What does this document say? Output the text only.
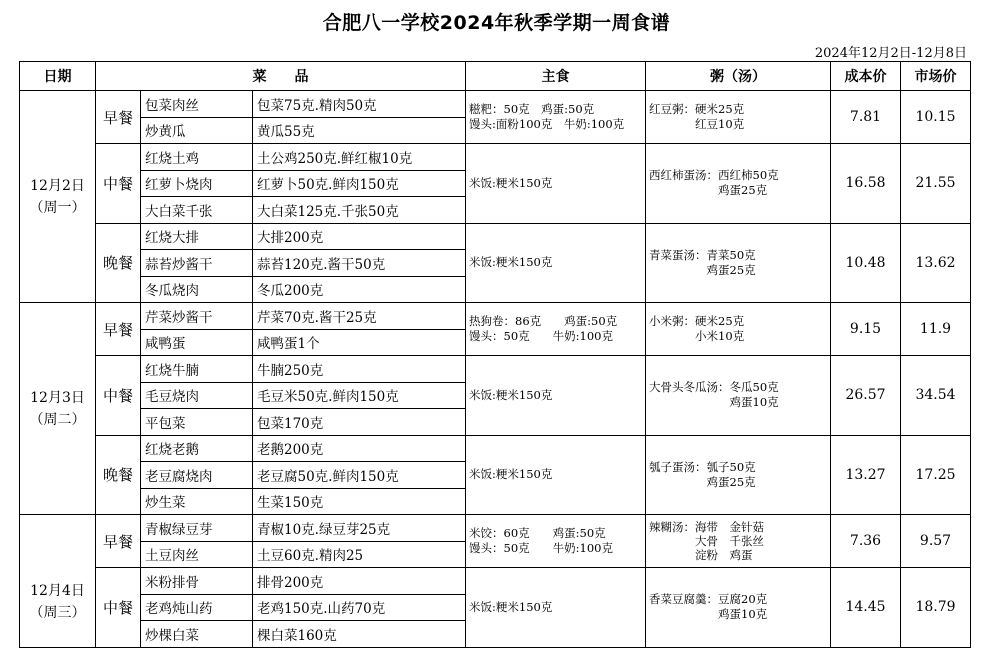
合肥八一学校2024年秋季学期一周食谱
2024年12月2日-12月8日
日期	菜　　品			主食	粥（汤）	成本价	市场价

12月2日
（周一）	早餐	包菜肉丝	包菜75克.精肉50克	糍粑：50克　鸡蛋:50克
馒头:面粉100克　牛奶:100克	红豆粥：硬米25克
　　　　红豆10克	7.81	10.15
		炒黄瓜	黄瓜55克				
	中餐	红烧土鸡	土公鸡250克.鲜红椒10克	米饭:粳米150克	西红柿蛋汤：西红柿50克
　　　　　　鸡蛋25克	16.58	21.55
		红萝卜烧肉	红萝卜50克.鲜肉150克				
		大白菜千张	大白菜125克.千张50克				
	晚餐	红烧大排	大排200克	米饭:粳米150克	青菜蛋汤：青菜50克
　　　　　鸡蛋25克	10.48	13.62
		蒜苔炒酱干	蒜苔120克.酱干50克				
		冬瓜烧肉	冬瓜200克				

12月3日
（周二）	早餐	芹菜炒酱干	芹菜70克.酱干25克	热狗卷：86克　　鸡蛋:50克
馒头：50克　　牛奶:100克	小米粥：硬米25克
　　　　小米10克	9.15	11.9
		咸鸭蛋	咸鸭蛋1个				
	中餐	红烧牛腩	牛腩250克	米饭:粳米150克	大骨头冬瓜汤：冬瓜50克
　　　　　　　鸡蛋10克	26.57	34.54
		毛豆烧肉	毛豆米50克.鲜肉150克				
		平包菜	包菜170克				
	晚餐	红烧老鹅	老鹅200克	米饭:粳米150克	瓠子蛋汤：瓠子50克
　　　　　鸡蛋25克	13.27	17.25
		老豆腐烧肉	老豆腐50克.鲜肉150克				
		炒生菜	生菜150克				

12月4日
（周三）	早餐	青椒绿豆芽	青椒10克.绿豆芽25克	米饺：60克　　鸡蛋:50克
馒头：50克　　牛奶:100克	辣糊汤：海带　金针菇
　　　　大骨　千张丝
　　　　淀粉　鸡蛋	7.36	9.57
		土豆肉丝	土豆60克.精肉25				
	中餐	米粉排骨	排骨200克	米饭:粳米150克	香菜豆腐羹：豆腐20克
　　　　　　鸡蛋10克	14.45	18.79
		老鸡炖山药	老鸡150克.山药70克				
		炒棵白菜	棵白菜160克				
